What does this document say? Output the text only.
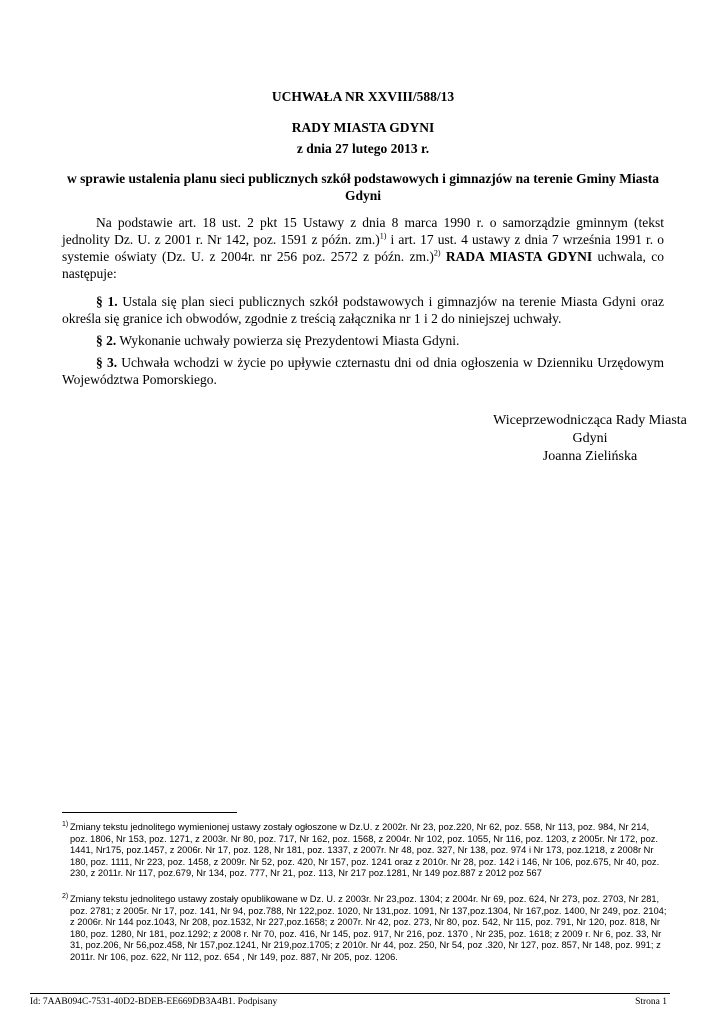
UCHWAŁA NR XXVIII/588/13
RADY MIASTA GDYNI
z dnia 27 lutego 2013 r.
w sprawie ustalenia planu sieci publicznych szkół podstawowych i gimnazjów na terenie Gminy Miasta Gdyni
Na podstawie art. 18 ust. 2 pkt 15 Ustawy z dnia 8 marca 1990 r. o samorządzie gminnym (tekst jednolity Dz. U. z 2001 r. Nr 142, poz. 1591 z późn. zm.)$^{1)}$ i art. 17 ust. 4 ustawy z dnia 7 września 1991 r. o systemie oświaty (Dz. U. z 2004r. nr 256 poz. 2572 z późn. zm.)$^{2)}$ RADA MIASTA GDYNI uchwala, co następuje:
§ 1. Ustala się plan sieci publicznych szkół podstawowych i gimnazjów na terenie Miasta Gdyni oraz określa się granice ich obwodów, zgodnie z treścią załącznika nr 1 i 2 do niniejszej uchwały.
§ 2. Wykonanie uchwały powierza się Prezydentowi Miasta Gdyni.
§ 3. Uchwała wchodzi w życie po upływie czternastu dni od dnia ogłoszenia w Dzienniku Urzędowym Województwa Pomorskiego.
Wiceprzewodnicząca Rady Miasta
Gdyni
Joanna Zielińska
1) Zmiany tekstu jednolitego wymienionej ustawy zostały ogłoszone w Dz.U. z 2002r. Nr 23, poz.220, Nr 62, poz. 558, Nr 113, poz. 984, Nr 214, poz. 1806, Nr 153, poz. 1271, z 2003r. Nr 80, poz. 717, Nr 162, poz. 1568, z 2004r. Nr 102, poz. 1055, Nr 116, poz. 1203, z 2005r. Nr 172, poz. 1441, Nr175, poz.1457, z 2006r. Nr 17, poz. 128, Nr 181, poz. 1337, z 2007r. Nr 48, poz. 327, Nr 138, poz. 974 i Nr 173, poz.1218, z 2008r Nr 180, poz. 1111, Nr 223, poz. 1458, z 2009r. Nr 52, poz. 420, Nr 157, poz. 1241 oraz z 2010r. Nr 28, poz. 142 i 146, Nr 106, poz.675, Nr 40, poz. 230, z 2011r. Nr 117, poz.679, Nr 134, poz. 777, Nr 21, poz. 113, Nr 217 poz.1281, Nr 149 poz.887 z 2012 poz 567
2) Zmiany tekstu jednolitego ustawy zostały opublikowane w Dz. U. z 2003r. Nr 23,poz. 1304; z 2004r. Nr 69, poz. 624, Nr 273, poz. 2703, Nr 281, poz. 2781; z 2005r. Nr 17, poz. 141, Nr 94, poz.788, Nr 122,poz. 1020, Nr 131,poz. 1091, Nr 137,poz.1304, Nr 167,poz. 1400, Nr 249, poz. 2104; z 2006r. Nr 144 poz.1043, Nr 208, poz.1532, Nr 227,poz.1658; z 2007r. Nr 42, poz. 273, Nr 80, poz. 542, Nr 115, poz. 791, Nr 120, poz. 818, Nr 180, poz. 1280, Nr 181, poz.1292; z 2008 r. Nr 70, poz. 416, Nr 145, poz. 917, Nr 216, poz. 1370 , Nr 235, poz. 1618; z 2009 r. Nr 6, poz. 33, Nr 31, poz.206, Nr 56,poz.458, Nr 157,poz.1241, Nr 219,poz.1705; z 2010r. Nr 44, poz. 250, Nr 54, poz .320, Nr 127, poz. 857, Nr 148, poz. 991; z 2011r. Nr 106, poz. 622, Nr 112, poz. 654 , Nr 149, poz. 887, Nr 205, poz. 1206.
Id: 7AAB094C-7531-40D2-BDEB-EE669DB3A4B1. Podpisany	Strona 1
